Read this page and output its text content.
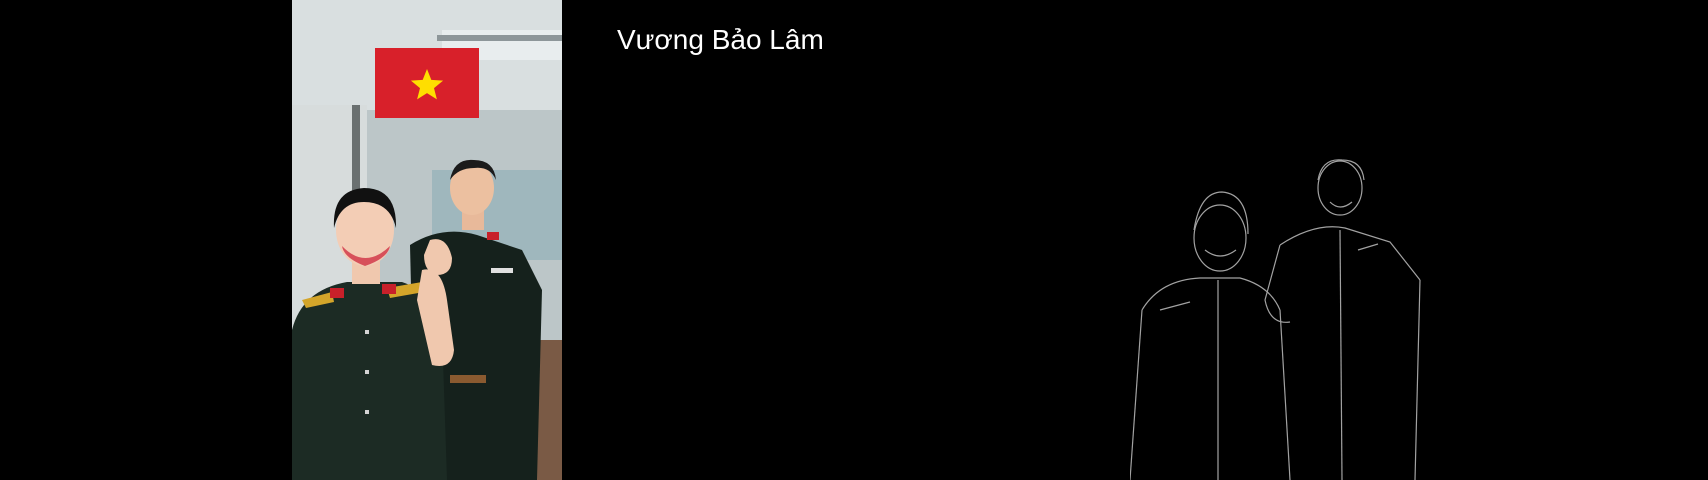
Vương Bảo Lâm
